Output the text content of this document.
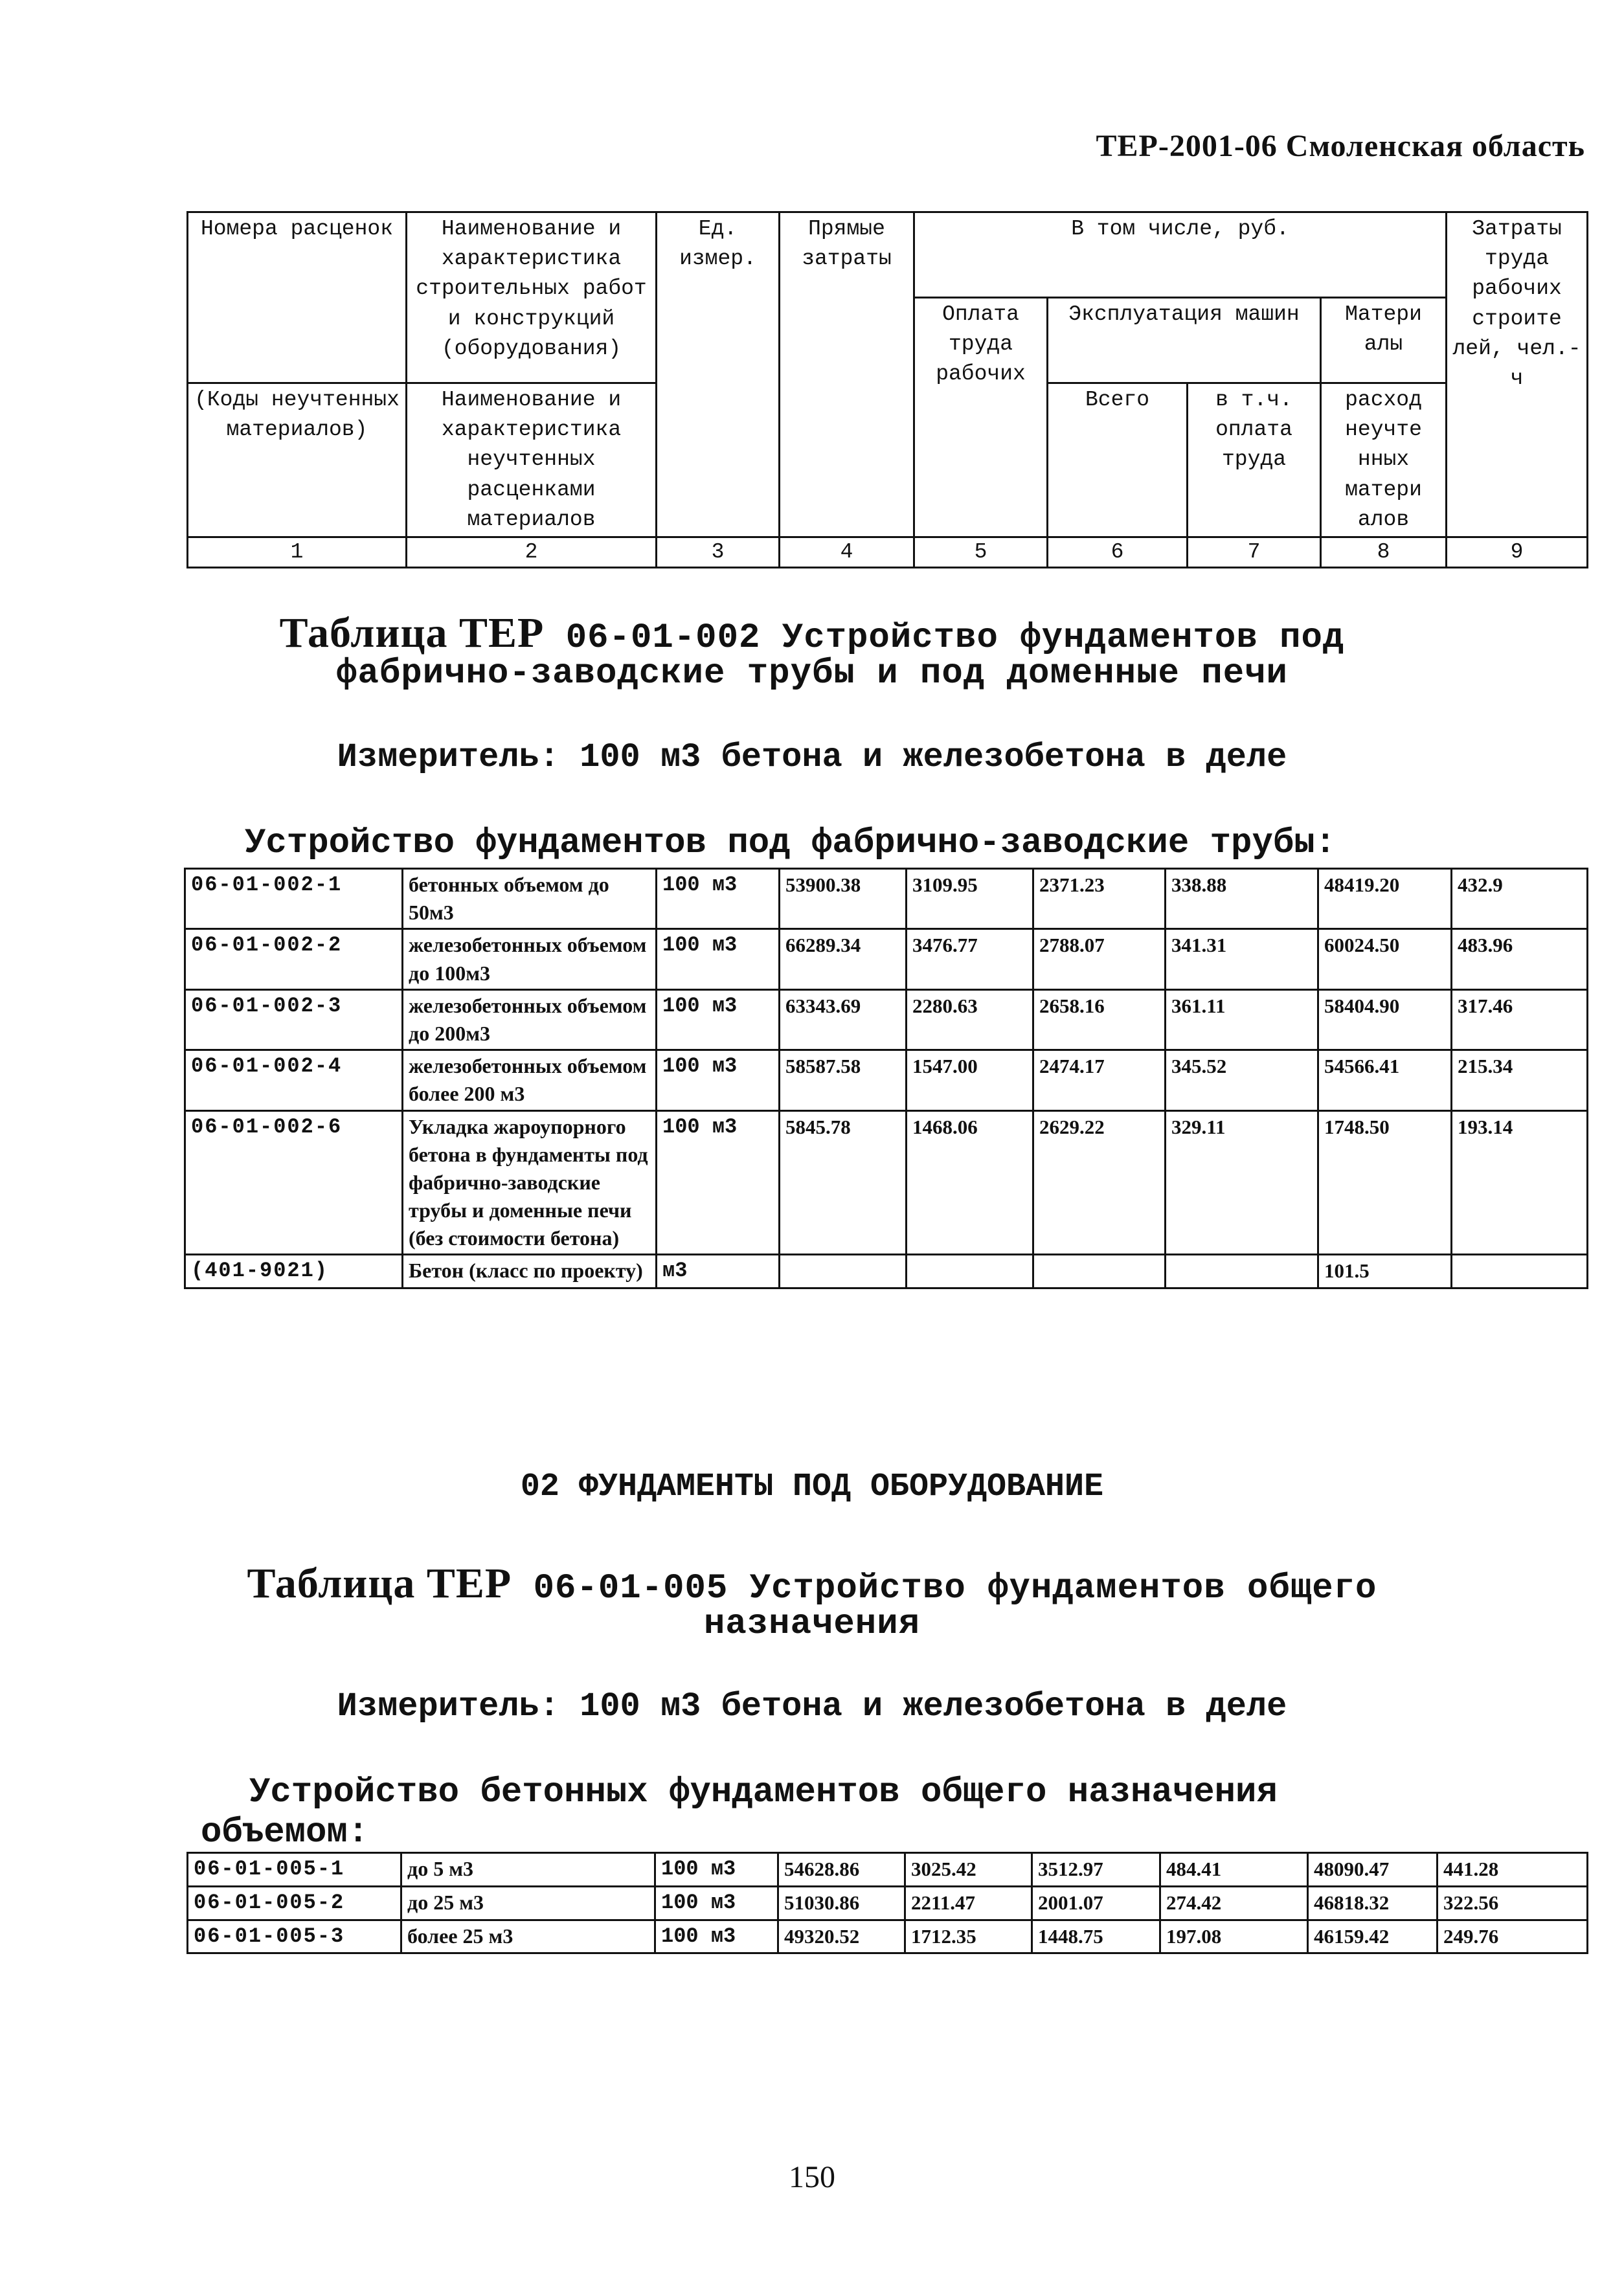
ТЕР-2001-06 Смоленская область
Номера расценок	Наименование и характеристика строительных работ и конструкций (оборудования)	Ед. измер.	Прямые затраты	В том числе, руб.				Затраты труда рабочих строите лей, чел.-ч
				Оплата труда рабочих	Эксплуатация машин		Матери алы	
(Коды неучтенных материалов)	Наименование и характеристика неучтенных расценками материалов				Всего	в т.ч. оплата труда	расход неучте нных матери алов	

1	2	3	4	5	6	7	8	9
Таблица ТЕР 06-01-002 Устройство фундаментов под
фабрично-заводские трубы и под доменные печи
Измеритель: 100 м3 бетона и железобетона в деле
Устройство фундаментов под фабрично-заводские трубы:
06-01-002-1	бетонных объемом до 50м3	100 м3	53900.38	3109.95	2371.23	338.88	48419.20	432.9
06-01-002-2	железобетонных объемом до 100м3	100 м3	66289.34	3476.77	2788.07	341.31	60024.50	483.96
06-01-002-3	железобетонных объемом до 200м3	100 м3	63343.69	2280.63	2658.16	361.11	58404.90	317.46
06-01-002-4	железобетонных объемом более 200 м3	100 м3	58587.58	1547.00	2474.17	345.52	54566.41	215.34
06-01-002-6	Укладка жароупорного бетона в фундаменты под фабрично-заводские трубы и доменные печи (без стоимости бетона)	100 м3	5845.78	1468.06	2629.22	329.11	1748.50	193.14
(401-9021)	Бетон (класс по проекту)	м3					101.5	
02 ФУНДАМЕНТЫ ПОД ОБОРУДОВАНИЕ
Таблица ТЕР 06-01-005 Устройство фундаментов общего
назначения
Измеритель: 100 м3 бетона и железобетона в деле
Устройство бетонных фундаментов общего назначения
объемом:
06-01-005-1	до 5 м3	100 м3	54628.86	3025.42	3512.97	484.41	48090.47	441.28
06-01-005-2	до 25 м3	100 м3	51030.86	2211.47	2001.07	274.42	46818.32	322.56
06-01-005-3	более 25 м3	100 м3	49320.52	1712.35	1448.75	197.08	46159.42	249.76
150
